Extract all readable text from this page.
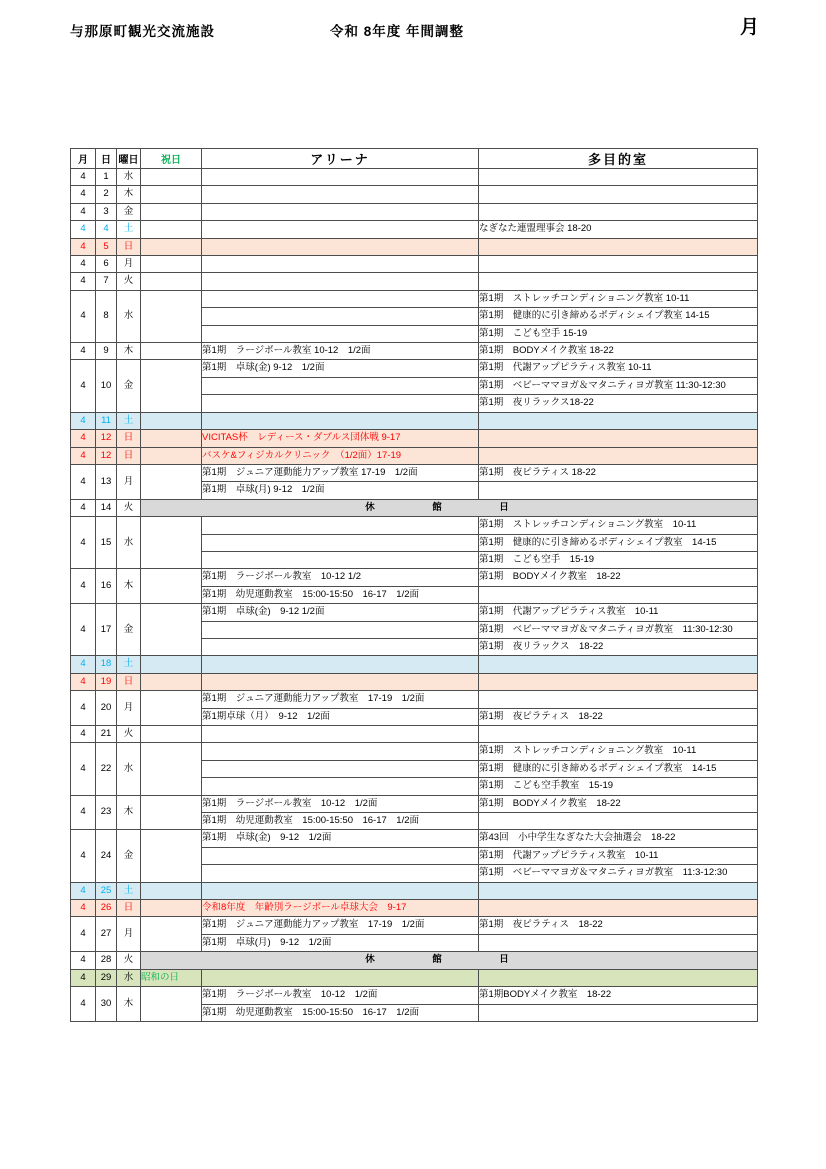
与那原町観光交流施設	令和 8年度 年間調整	月
月	日	曜日	祝日	アリーナ	多目的室
4	1	水			
4	2	木			
4	3	金			
4	4	土			なぎなた連盟理事会 18-20
4	5	日			
4	6	月			
4	7	火			
4	8	水			第1期　ストレッチコンディショニング教室 10-11
					第1期　健康的に引き締めるボディシェイプ教室 14-15
					第1期　こども空手 15-19
4	9	木		第1期　ラージボール教室 10-12　1/2面	第1期　BODYメイク教室 18-22
4	10	金		第1期　卓球(金) 9-12　1/2面	第1期　代謝アップピラティス教室 10-11
					第1期　ベビーママヨガ＆マタニティヨガ教室 11:30-12:30
					第1期　夜リラックス18-22
4	11	土			
4	12	日		VICITAS杯　レディース・ダブルス団体戦 9-17	
4	12	日		バスケ&フィジカルクリニック　（1/2面）17-19	
4	13	月		第1期　ジュニア運動能力アップ教室 17-19　1/2面	第1期　夜ピラティス 18-22
				第1期　卓球(月) 9-12　1/2面	
4	14	火	休　館　日		
4	15	水			第1期　ストレッチコンディショニング教室　10-11
					第1期　健康的に引き締めるボディシェイプ教室　14-15
					第1期　こども空手　15-19
4	16	木		第1期　ラージボール教室　10-12 1/2	第1期　BODYメイク教室　18-22
				第1期　幼児運動教室　15:00-15:50　16-17　1/2面	
4	17	金		第1期　卓球(金)　9-12 1/2面	第1期　代謝アップピラティス教室　10-11
					第1期　ベビーママヨガ＆マタニティヨガ教室　11:30-12:30
					第1期　夜リラックス　18-22
4	18	土			
4	19	日			
4	20	月		第1期　ジュニア運動能力アップ教室　17-19　1/2面	
				第1期卓球（月）　9-12　1/2面	第1期　夜ピラティス　18-22
4	21	火			
4	22	水			第1期　ストレッチコンディショニング教室　10-11
					第1期　健康的に引き締めるボディシェイプ教室　14-15
					第1期　こども空手教室　15-19
4	23	木		第1期　ラージボール教室　10-12　1/2面	第1期　BODYメイク教室　18-22
				第1期　幼児運動教室　15:00-15:50　16-17　1/2面	
4	24	金		第1期　卓球(金)　9-12　1/2面	第43回　小中学生なぎなた大会抽選会　18-22
					第1期　代謝アップピラティス教室　10-11
					第1期　ベビーママヨガ＆マタニティヨガ教室　11:3-12:30
4	25	土			
4	26	日		令和8年度　年齢別ラージボール卓球大会　9-17	
4	27	月		第1期　ジュニア運動能力アップ教室　17-19　1/2面	第1期　夜ピラティス　18-22
				第1期　卓球(月)　9-12　1/2面	
4	28	火	休　館　日		
4	29	水	昭和の日		
4	30	木		第1期　ラージボール教室　10-12　1/2面	第1期BODYメイク教室　18-22
				第1期　幼児運動教室　15:00-15:50　16-17　1/2面	
